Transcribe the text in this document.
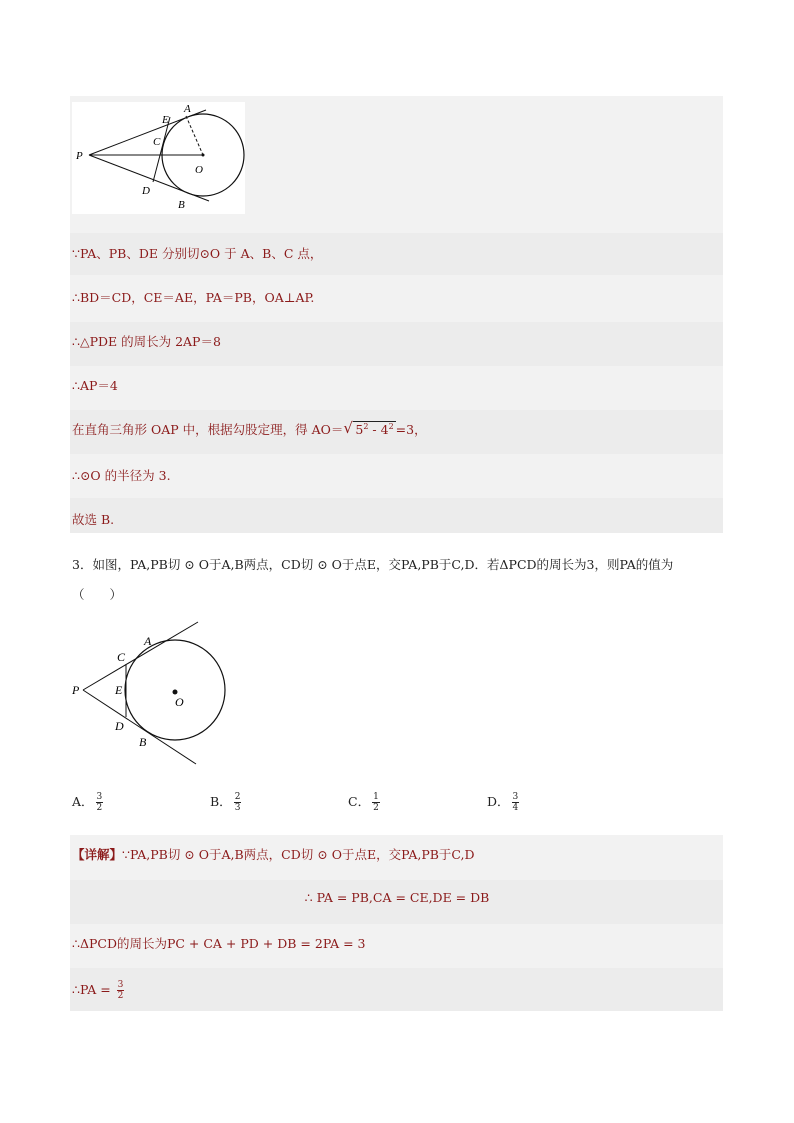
A
E
C
P
O
D
B
∵PA、PB、DE 分别切⊙O 于 A、B、C 点，
∴BD＝CD，CE＝AE，PA＝PB，OA⊥AP.
∴△PDE 的周长为 2AP＝8
∴AP＝4
在直角三角形 OAP 中，根据勾股定理，得 AO＝ √ $5^2 - 4^2 =3$，
∴⊙O 的半径为 3.
故选 B.
3．如图，PA,PB切 ⊙ O于A,B两点，CD切 ⊙ O于点E，交PA,PB于C,D．若ΔPCD的周长为3，则PA的值为
（　　）
A
C
P	E
O
D
B
A． $\frac{3}{2}$	B． $\frac{2}{3}$	C． $\frac{1}{2}$	D． $\frac{3}{4}$
【详解】∵PA,PB切 ⊙ O于A,B两点，CD切 ⊙ O于点E，交PA,PB于C,D
∴ PA = PB,CA = CE,DE = DB
∴ΔPCD的周长为PC + CA + PD + DB = 2PA = 3
∴PA = $\frac{3}{2}$
